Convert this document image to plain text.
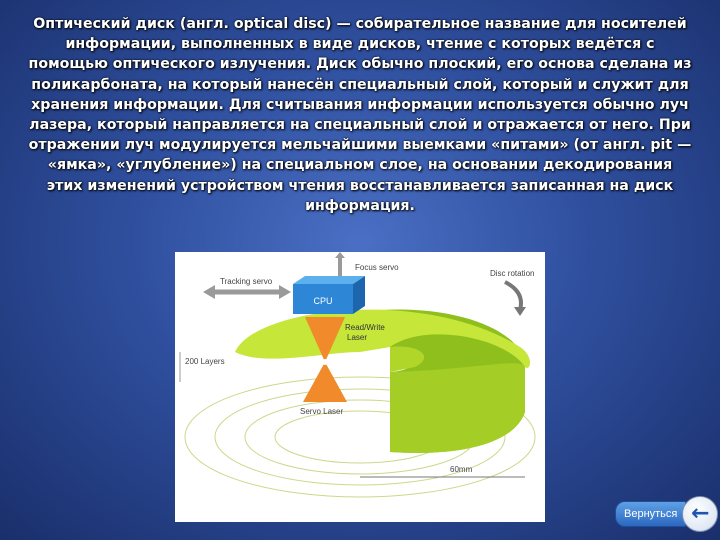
Оптический диск (англ. optical disc) — собирательное название для носителей информации, выполненных в виде дисков, чтение с которых ведётся с помощью оптического излучения. Диск обычно плоский, его основа сделана из поликарбоната, на который нанесён специальный слой, который и служит для хранения информации. Для считывания информации используется обычно луч лазера, который направляется на специальный слой и отражается от него. При отражении луч модулируется мельчайшими выемками «питами» (от англ. pit — «ямка», «углубление») на специальном слое, на основании декодирования этих изменений устройством чтения восстанавливается записанная на диск информация.
CPU
Focus servo
Tracking servo
Disc rotation
Read/Write
Laser
200 Layers
Servo Laser
60mm
Вернуться ←
